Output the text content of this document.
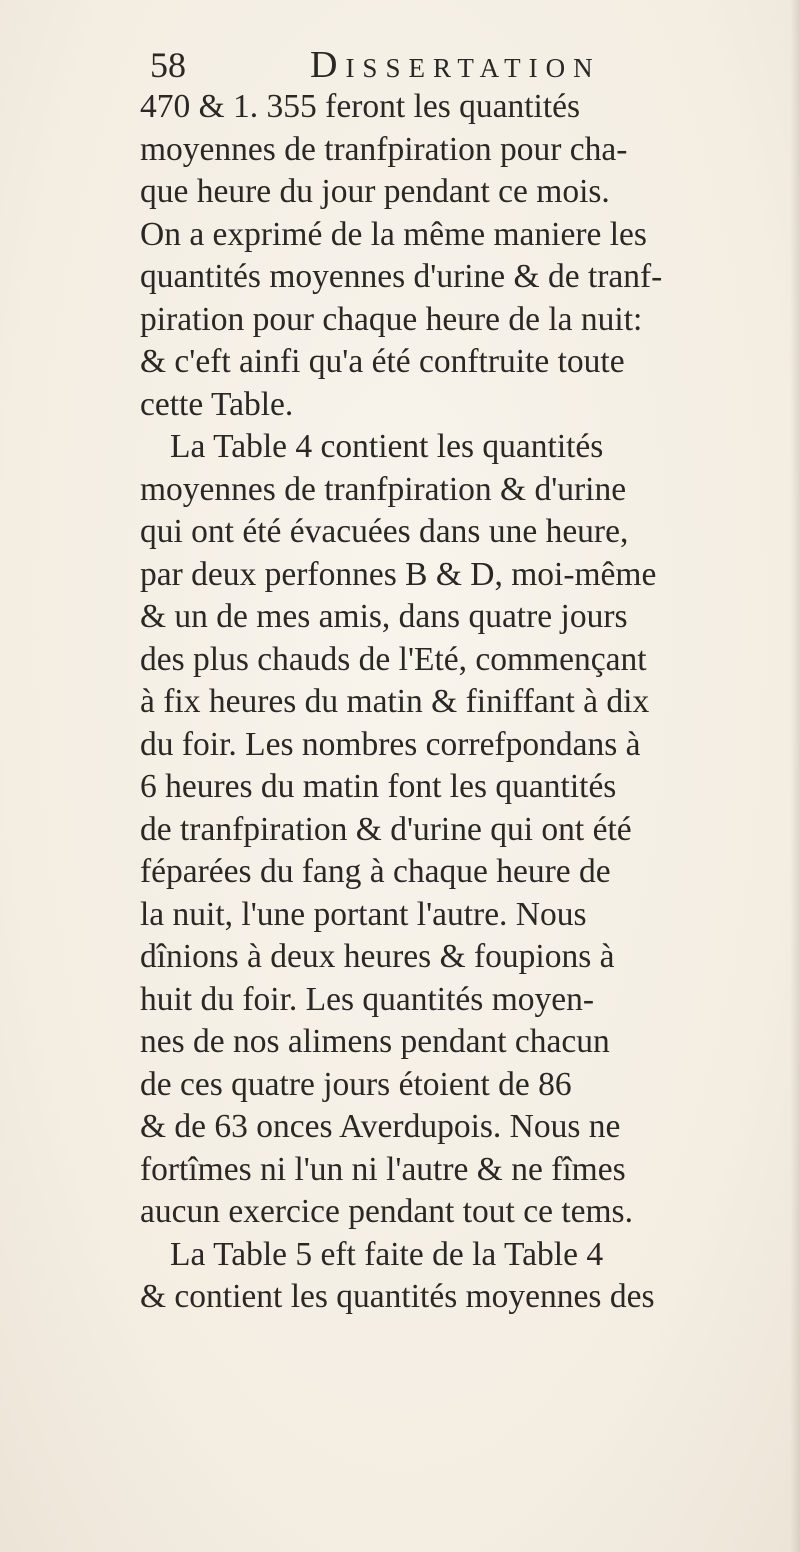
58	Dissertation
470 & 1. 355 feront les quantités
moyennes de tranfpiration pour cha-
que heure du jour pendant ce mois.
On a exprimé de la même maniere les
quantités moyennes d'urine & de tranf-
piration pour chaque heure de la nuit:
& c'eft ainfi qu'a été conftruite toute
cette Table.
La Table 4 contient les quantités
moyennes de tranfpiration & d'urine
qui ont été évacuées dans une heure,
par deux perfonnes B & D, moi-même
& un de mes amis, dans quatre jours
des plus chauds de l'Eté, commençant
à fix heures du matin & finiffant à dix
du foir. Les nombres correfpondans à
6 heures du matin font les quantités
de tranfpiration & d'urine qui ont été
féparées du fang à chaque heure de
la nuit, l'une portant l'autre. Nous
dînions à deux heures & foupions à
huit du foir. Les quantités moyen-
nes de nos alimens pendant chacun
de ces quatre jours étoient de 86
& de 63 onces Averdupois. Nous ne
fortîmes ni l'un ni l'autre & ne fîmes
aucun exercice pendant tout ce tems.
La Table 5 eft faite de la Table 4
& contient les quantités moyennes des
